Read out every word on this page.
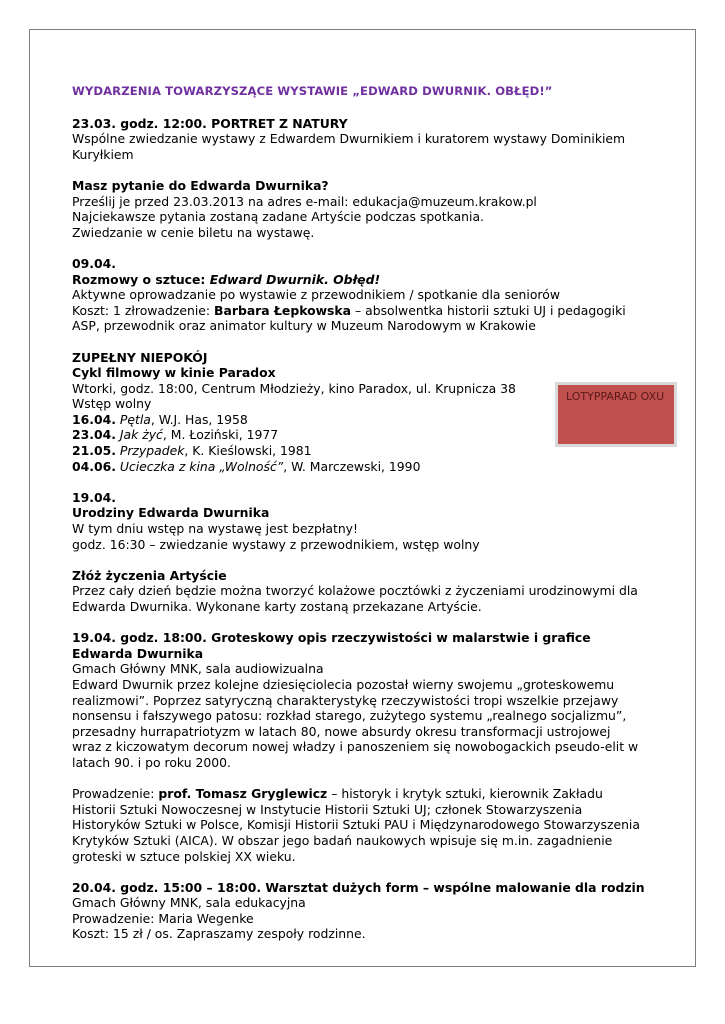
WYDARZENIA TOWARZYSZĄCE WYSTAWIE „EDWARD DWURNIK. OBŁĘD!”
23.03. godz. 12:00. PORTRET Z NATURY
Wspólne zwiedzanie wystawy z Edwardem Dwurnikiem i kuratorem wystawy Dominikiem Kuryłkiem
Masz pytanie do Edwarda Dwurnika?
Prześlij je przed 23.03.2013 na adres e-mail: edukacja@muzeum.krakow.pl
Najciekawsze pytania zostaną zadane Artyście podczas spotkania.
Zwiedzanie w cenie biletu na wystawę.
09.04.
Rozmowy o sztuce: Edward Dwurnik. Obłęd!
Aktywne oprowadzanie po wystawie z przewodnikiem / spotkanie dla seniorów
Koszt: 1 złrowadzenie: Barbara Łepkowska – absolwentka historii sztuki UJ i pedagogiki ASP, przewodnik oraz animator kultury w Muzeum Narodowym w Krakowie
ZUPEŁNY NIEPOKÓJ
Cykl filmowy w kinie Paradox
Wtorki, godz. 18:00, Centrum Młodzieży, kino Paradox, ul. Krupnicza 38
Wstęp wolny
16.04. Pętla, W.J. Has, 1958
23.04. Jak żyć, M. Łoziński, 1977
21.05. Przypadek, K. Kieślowski, 1981
04.06. Ucieczka z kina „Wolność”, W. Marczewski, 1990
19.04.
Urodziny Edwarda Dwurnika
W tym dniu wstęp na wystawę jest bezpłatny!
godz. 16:30 – zwiedzanie wystawy z przewodnikiem, wstęp wolny
Złóż życzenia Artyście
Przez cały dzień będzie można tworzyć kolażowe pocztówki z życzeniami urodzinowymi dla Edwarda Dwurnika. Wykonane karty zostaną przekazane Artyście.
19.04. godz. 18:00. Groteskowy opis rzeczywistości w malarstwie i grafice Edwarda Dwurnika
Gmach Główny MNK, sala audiowizualna
Edward Dwurnik przez kolejne dziesięciolecia pozostał wierny swojemu „groteskowemu realizmowi”. Poprzez satyryczną charakterystykę rzeczywistości tropi wszelkie przejawy nonsensu i fałszywego patosu: rozkład starego, zużytego systemu „realnego socjalizmu”, przesadny hurrapatriotyzm w latach 80, nowe absurdy okresu transformacji ustrojowej wraz z kiczowatym decorum nowej władzy i panoszeniem się nowobogackich pseudo-elit w latach 90. i po roku 2000.
Prowadzenie: prof. Tomasz Gryglewicz – historyk i krytyk sztuki, kierownik Zakładu Historii Sztuki Nowoczesnej w Instytucie Historii Sztuki UJ; członek Stowarzyszenia Historyków Sztuki w Polsce, Komisji Historii Sztuki PAU i Międzynarodowego Stowarzyszenia Krytyków Sztuki (AICA). W obszar jego badań naukowych wpisuje się m.in. zagadnienie groteski w sztuce polskiej XX wieku.
20.04. godz. 15:00 – 18:00. Warsztat dużych form – wspólne malowanie dla rodzin
Gmach Główny MNK, sala edukacyjna
Prowadzenie: Maria Wegenke
Koszt: 15 zł / os. Zapraszamy zespoły rodzinne.
LOTYPPARAD OXU
